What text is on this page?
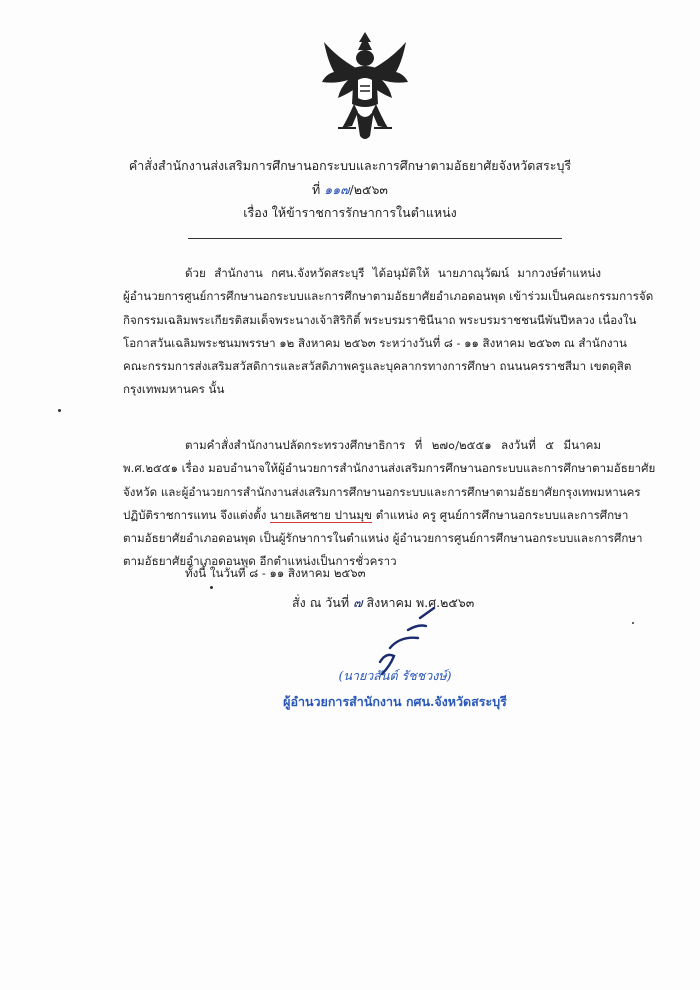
คำสั่งสำนักงานส่งเสริมการศึกษานอกระบบและการศึกษาตามอัธยาศัยจังหวัดสระบุรี
ที่ ๑๑๗/๒๕๖๓
เรื่อง ให้ข้าราชการรักษาการในตำแหน่ง
ด้วย สำนักงาน กศน.จังหวัดสระบุรี ได้อนุมัติให้ นายภาณุวัฒน์ มากวงษ์ตำแหน่ง
ผู้อำนวยการศูนย์การศึกษานอกระบบและการศึกษาตามอัธยาศัยอำเภอดอนพุด เข้าร่วมเป็นคณะกรรมการจัด
กิจกรรมเฉลิมพระเกียรติสมเด็จพระนางเจ้าสิริกิติ์ พระบรมราชินีนาถ พระบรมราชชนนีพันปีหลวง เนื่องใน
โอกาสวันเฉลิมพระชนมพรรษา ๑๒ สิงหาคม ๒๕๖๓ ระหว่างวันที่ ๘ - ๑๑ สิงหาคม ๒๕๖๓ ณ สำนักงาน
คณะกรรมการส่งเสริมสวัสดิการและสวัสดิภาพครูและบุคลากรทางการศึกษา ถนนนครราชสีมา เขตดุสิต
กรุงเทพมหานคร นั้น
ตามคำสั่งสำนักงานปลัดกระทรวงศึกษาธิการ ที่ ๒๗๐/๒๕๕๑ ลงวันที่ ๕ มีนาคม
พ.ศ.๒๕๕๑ เรื่อง มอบอำนาจให้ผู้อำนวยการสำนักงานส่งเสริมการศึกษานอกระบบและการศึกษาตามอัธยาศัย
จังหวัด และผู้อำนวยการสำนักงานส่งเสริมการศึกษานอกระบบและการศึกษาตามอัธยาศัยกรุงเทพมหานคร
ปฏิบัติราชการแทน จึงแต่งตั้ง นายเลิศชาย ปานมุข ตำแหน่ง ครู ศูนย์การศึกษานอกระบบและการศึกษา
ตามอัธยาศัยอำเภอดอนพุด เป็นผู้รักษาการในตำแหน่ง ผู้อำนวยการศูนย์การศึกษานอกระบบและการศึกษา
ตามอัธยาศัยอำเภอดอนพุด อีกตำแหน่งเป็นการชั่วคราว
ทั้งนี้ ในวันที่ ๘ - ๑๑ สิงหาคม ๒๕๖๓
สั่ง ณ วันที่ ๗ สิงหาคม พ.ศ.๒๕๖๓
(นายวสันต์ รัชชวงษ์)
ผู้อำนวยการสำนักงาน กศน.จังหวัดสระบุรี
